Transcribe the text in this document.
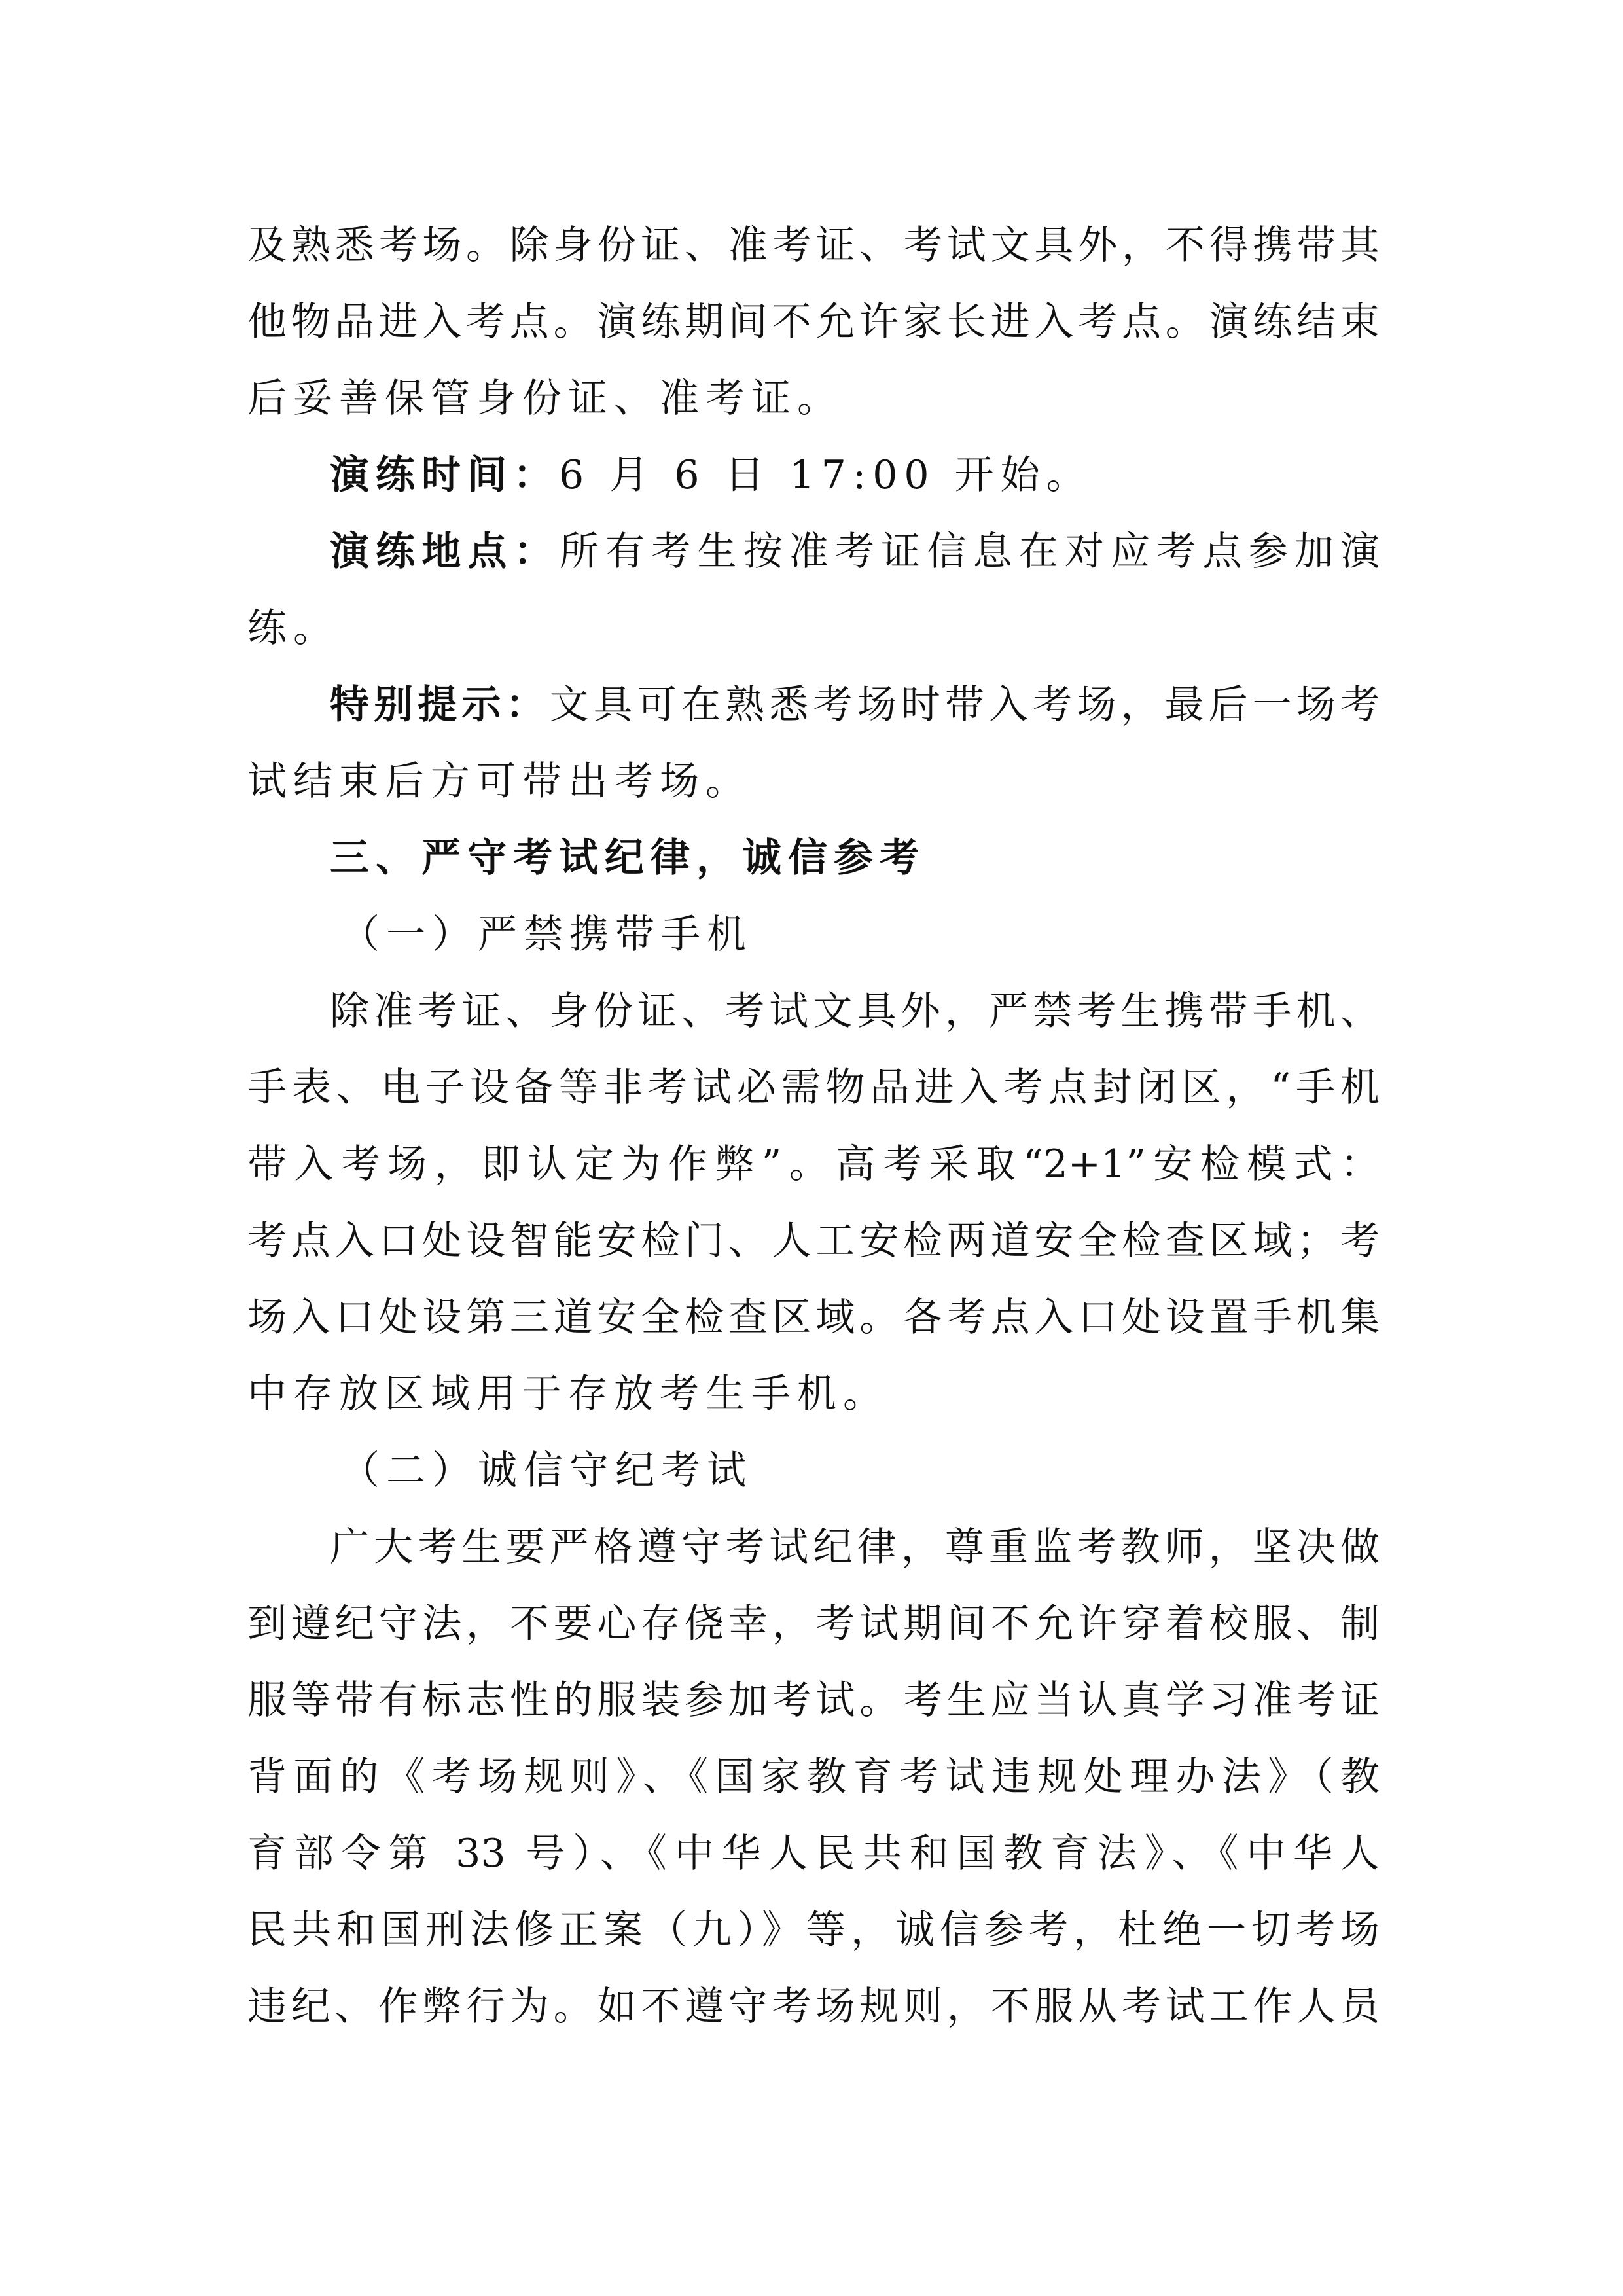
及熟悉考场。除身份证、准考证、考试文具外，不得携带其
他物品进入考点。演练期间不允许家长进入考点。演练结束
后妥善保管身份证、准考证。
演练时间：6 月 6 日 17:00 开始。
演练地点：所有考生按准考证信息在对应考点参加演
练。
特别提示：文具可在熟悉考场时带入考场，最后一场考
试结束后方可带出考场。
三、严守考试纪律，诚信参考
（一）严禁携带手机
除准考证、身份证、考试文具外，严禁考生携带手机、
手表、电子设备等非考试必需物品进入考点封闭区，“手机
带入考场，即认定为作弊”。高考采取“2+1”安检模式：
考点入口处设智能安检门、人工安检两道安全检查区域；考
场入口处设第三道安全检查区域。各考点入口处设置手机集
中存放区域用于存放考生手机。
（二）诚信守纪考试
广大考生要严格遵守考试纪律，尊重监考教师，坚决做
到遵纪守法，不要心存侥幸，考试期间不允许穿着校服、制
服等带有标志性的服装参加考试。考生应当认真学习准考证
背面的《考场规则》、《国家教育考试违规处理办法》（教
育部令第 33 号）、《中华人民共和国教育法》、《中华人
民共和国刑法修正案（九）》等，诚信参考，杜绝一切考场
违纪、作弊行为。如不遵守考场规则，不服从考试工作人员
